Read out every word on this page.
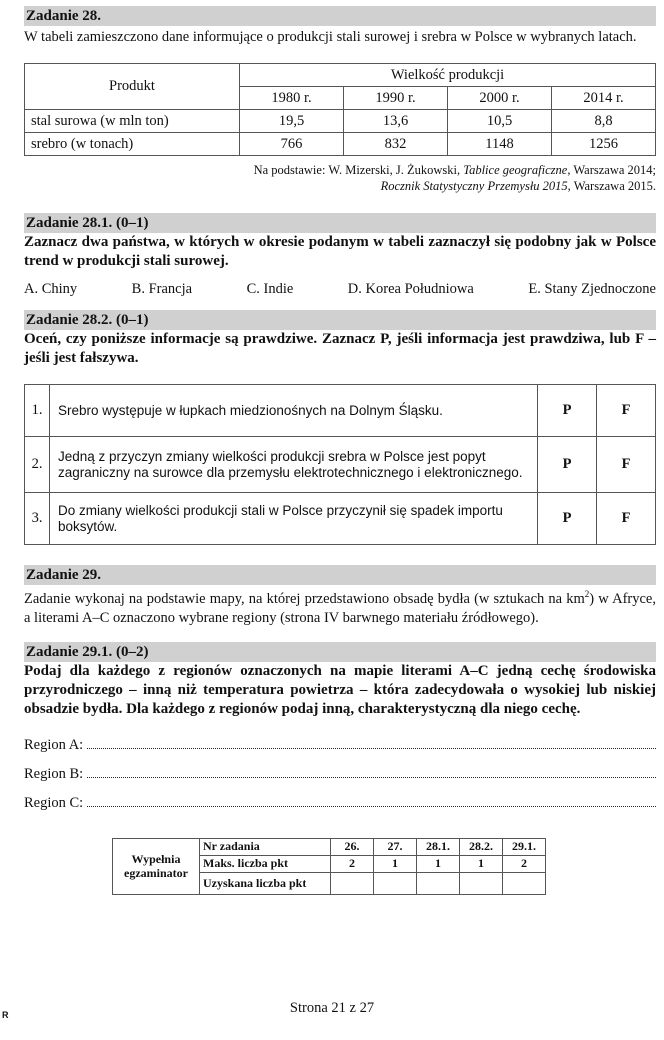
Zadanie 28.
W tabeli zamieszczono dane informujące o produkcji stali surowej i srebra w Polsce w wybranych latach.
Produkt	Wielkość produkcji			
	1980 r.	1990 r.	2000 r.	2014 r.
stal surowa (w mln ton)	19,5	13,6	10,5	8,8
srebro (w tonach)	766	832	1148	1256
Na podstawie: W. Mizerski, J. Żukowski, Tablice geograficzne, Warszawa 2014;
Rocznik Statystyczny Przemysłu 2015, Warszawa 2015.
Zadanie 28.1. (0–1)
Zaznacz dwa państwa, w których w okresie podanym w tabeli zaznaczył się podobny jak w Polsce trend w produkcji stali surowej.
A. Chiny	B. Francja	C. Indie	D. Korea Południowa	E. Stany Zjednoczone
Zadanie 28.2. (0–1)
Oceń, czy poniższe informacje są prawdziwe. Zaznacz P, jeśli informacja jest prawdziwa, lub F – jeśli jest fałszywa.
1.	Srebro występuje w łupkach miedzionośnych na Dolnym Śląsku.	P	F
2.	Jedną z przyczyn zmiany wielkości produkcji srebra w Polsce jest popyt zagraniczny na surowce dla przemysłu elektrotechnicznego i elektronicznego.	P	F
3.	Do zmiany wielkości produkcji stali w Polsce przyczynił się spadek importu boksytów.	P	F
Zadanie 29.
Zadanie wykonaj na podstawie mapy, na której przedstawiono obsadę bydła (w sztukach na $km^2$) w Afryce, a literami A–C oznaczono wybrane regiony (strona IV barwnego materiału źródłowego).
Zadanie 29.1. (0–2)
Podaj dla każdego z regionów oznaczonych na mapie literami A–C jedną cechę środowiska przyrodniczego – inną niż temperatura powietrza – która zadecydowała o wysokiej lub niskiej obsadzie bydła. Dla każdego z regionów podaj inną, charakterystyczną dla niego cechę.
Region A:
Region B:
Region C:
Wypełnia egzaminator	Nr zadania	26.	27.	28.1.	28.2.	29.1.
	Maks. liczba pkt	2	1	1	1	2
	Uzyskana liczba pkt					
Strona 21 z 27
R
